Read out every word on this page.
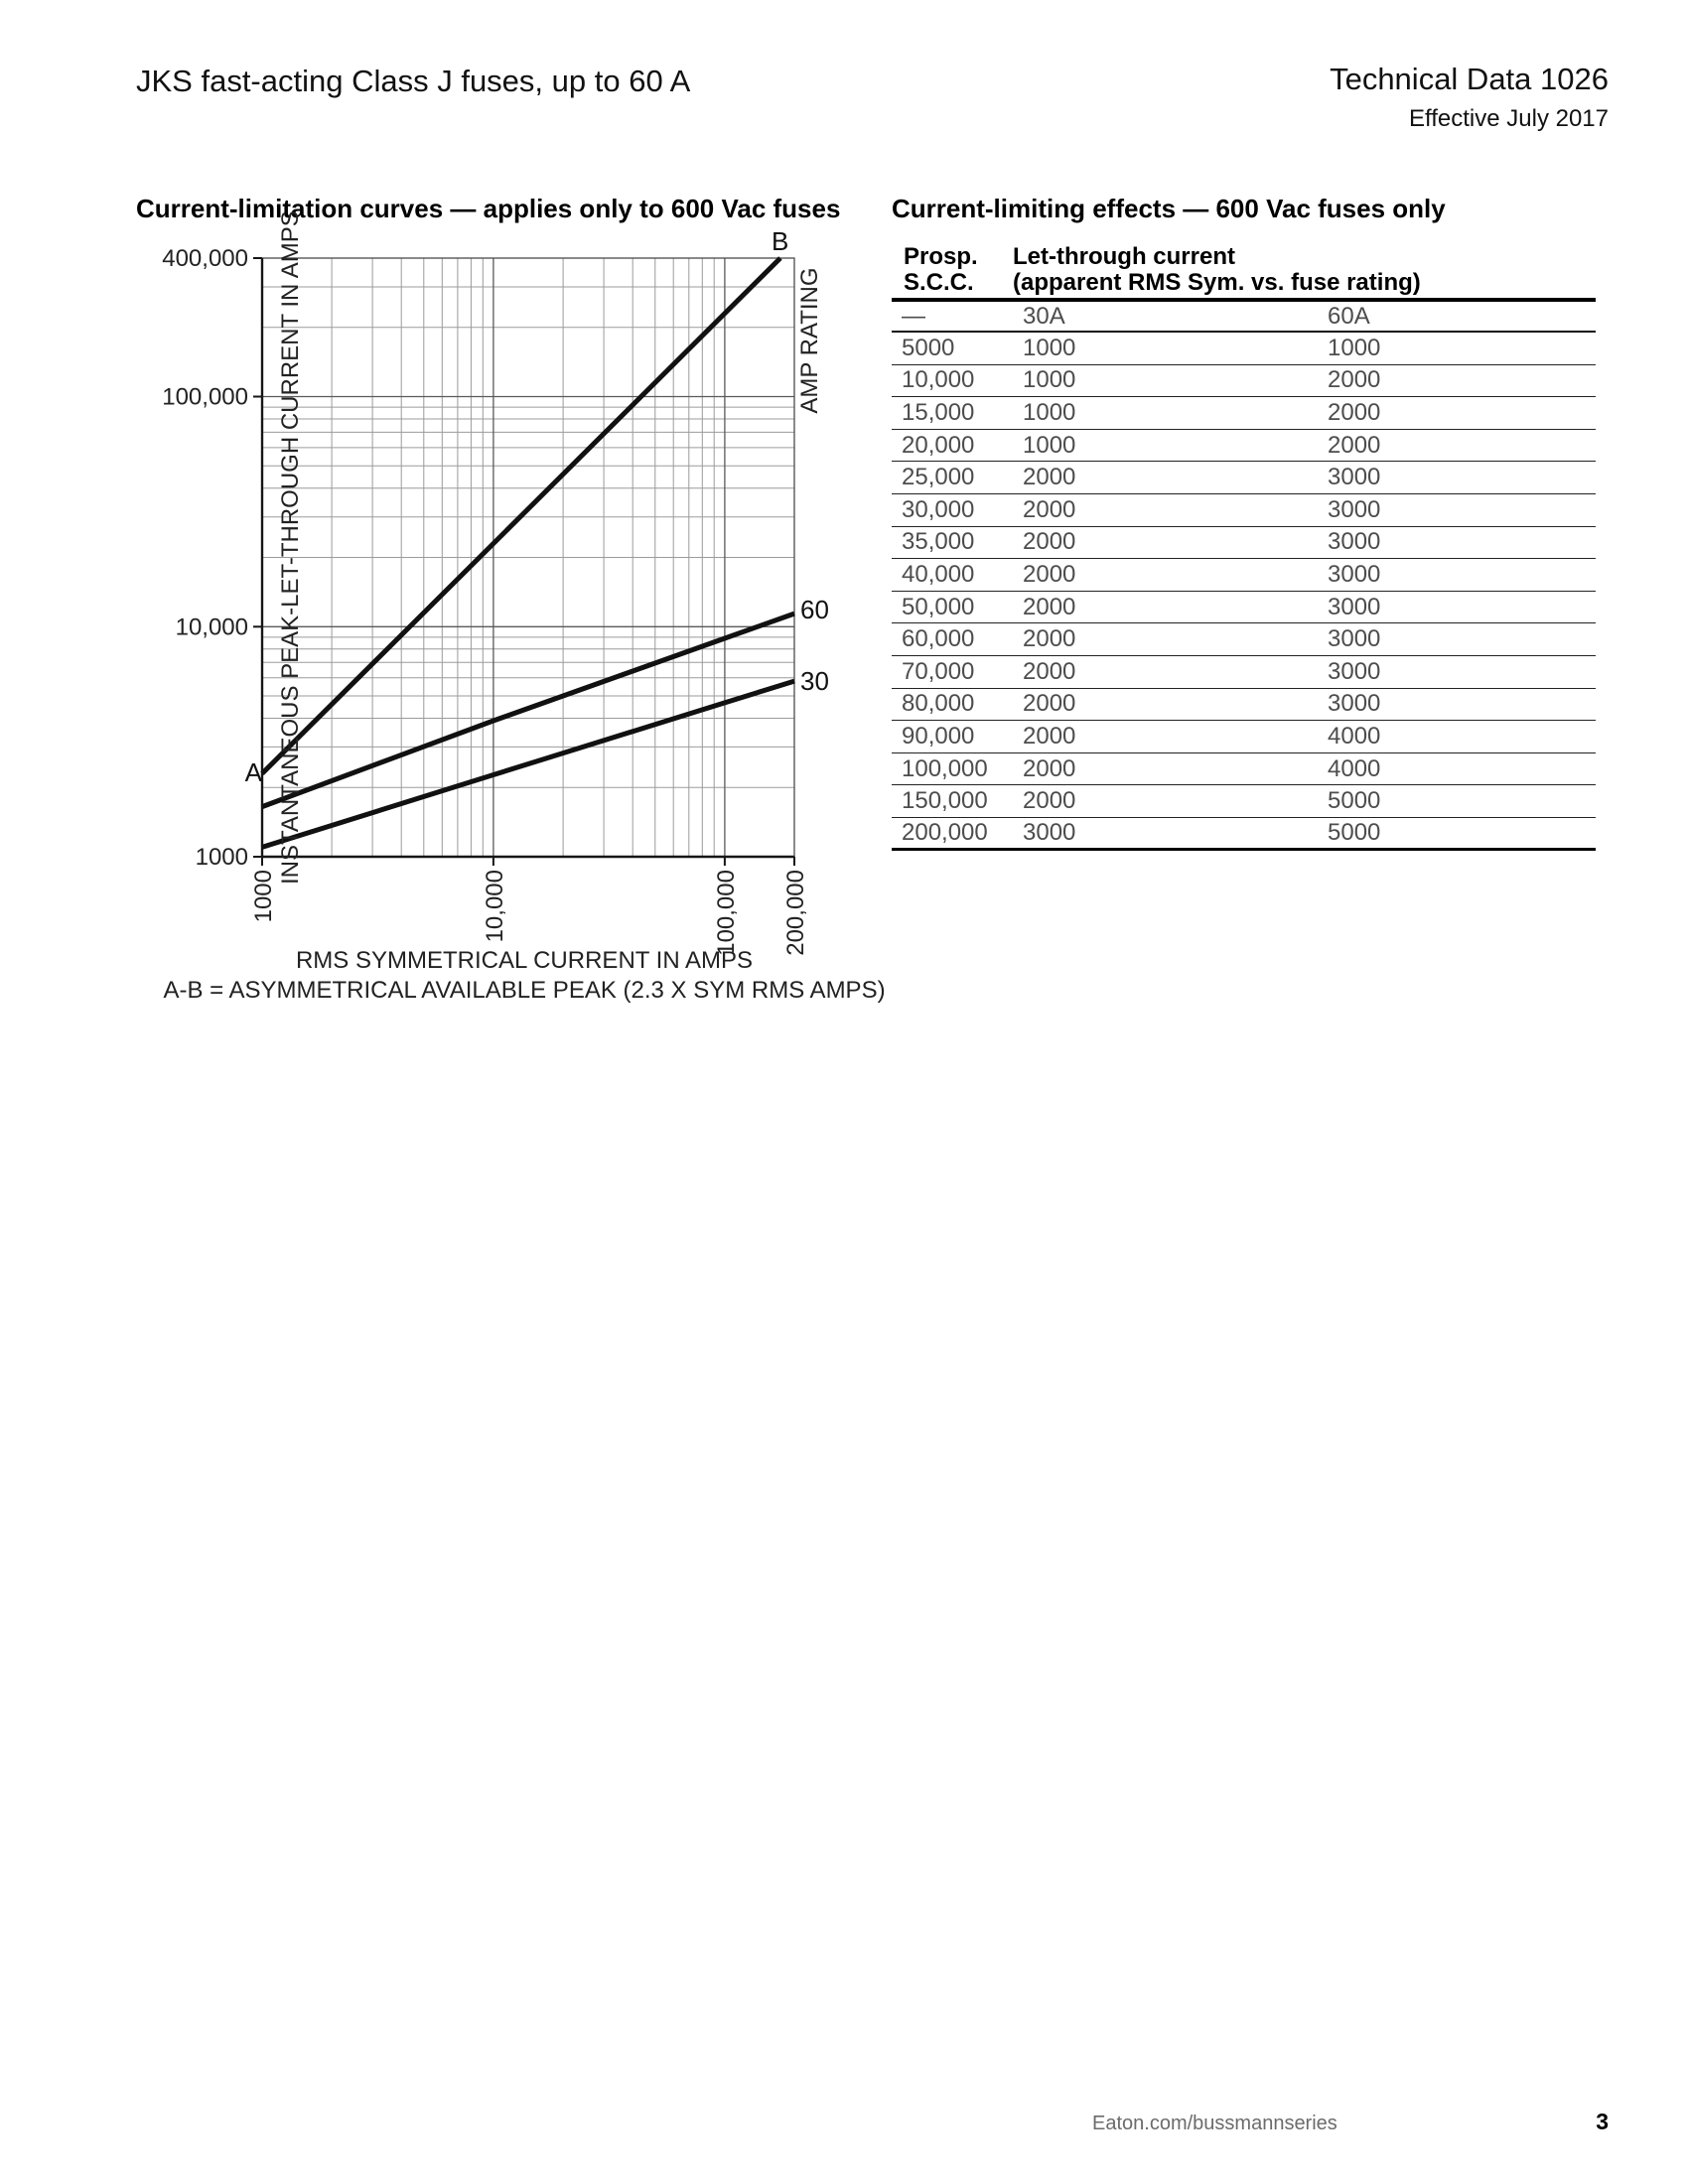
JKS fast-acting Class J fuses, up to 60 A	Technical Data 1026
Effective July 2017
Current-limitation curves — applies only to 600 Vac fuses	Current-limiting effects — 600 Vac fuses only
400,000
100,000
10,000
1000
1000	10,000	100,000 200,000
INSTANTANEOUS PEAK-LET-THROUGH CURRENT IN AMPS	AMP RATING
A
B
60
30
RMS SYMMETRICAL CURRENT IN AMPS
A-B = ASYMMETRICAL AVAILABLE PEAK (2.3 X SYM RMS AMPS)
Prosp.
S.C.C.
Let-through current
(apparent RMS Sym. vs. fuse rating)
—	30A	60A
5000	1000	1000
10,000	1000	2000
15,000	1000	2000
20,000	1000	2000
25,000	2000	3000
30,000	2000	3000
35,000	2000	3000
40,000	2000	3000
50,000	2000	3000
60,000	2000	3000
70,000	2000	3000
80,000	2000	3000
90,000	2000	4000
100,000	2000	4000
150,000	2000	5000
200,000	3000	5000
Eaton.com/bussmannseries	3
